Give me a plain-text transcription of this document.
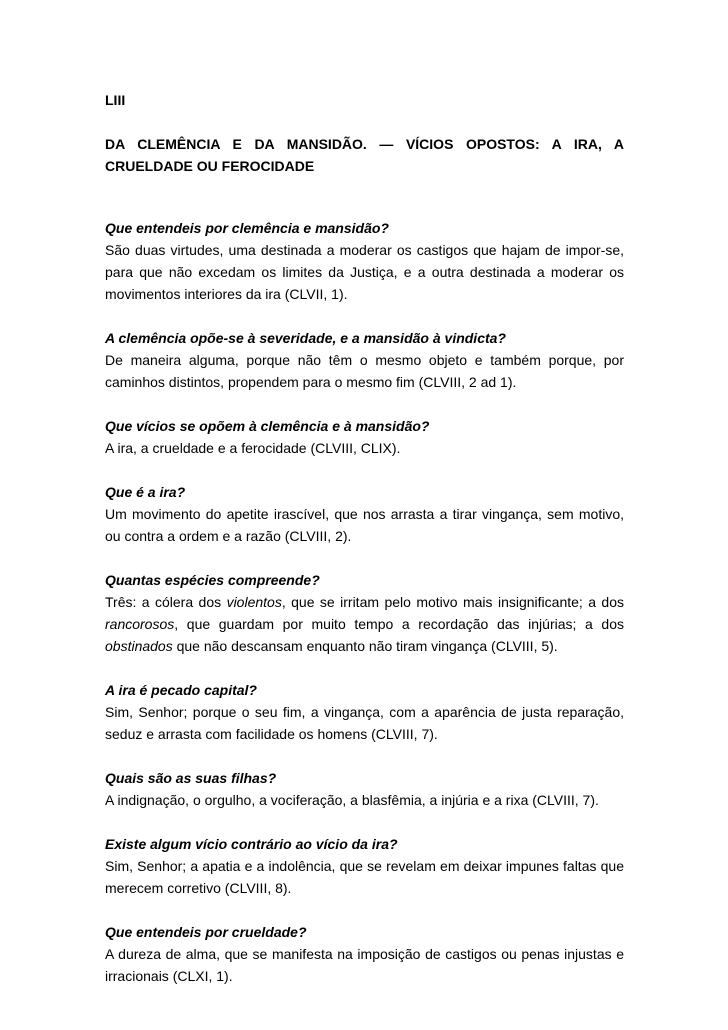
LIII

DA CLEMÊNCIA E DA MANSIDÃO. — VÍCIOS OPOSTOS: A IRA, A CRUELDADE OU FEROCIDADE

Que entendeis por clemência e mansidão?

São duas virtudes, uma destinada a moderar os castigos que hajam de impor-se, para que não excedam os limites da Justiça, e a outra destinada a moderar os movimentos interiores da ira (CLVII, 1).

A clemência opõe-se à severidade, e a mansidão à vindicta?

De maneira alguma, porque não têm o mesmo objeto e também porque, por caminhos distintos, propendem para o mesmo fim (CLVIII, 2 ad 1).

Que vícios se opõem à clemência e à mansidão?

A ira, a crueldade e a ferocidade (CLVIII, CLIX).

Que é a ira?

Um movimento do apetite irascível, que nos arrasta a tirar vingança, sem motivo, ou contra a ordem e a razão (CLVIII, 2).

Quantas espécies compreende?

Três: a cólera dos violentos, que se irritam pelo motivo mais insignificante; a dos rancorosos, que guardam por muito tempo a recordação das injúrias; a dos obstinados que não descansam enquanto não tiram vingança (CLVIII, 5).

A ira é pecado capital?

Sim, Senhor; porque o seu fim, a vingança, com a aparência de justa reparação, seduz e arrasta com facilidade os homens (CLVIII, 7).

Quais são as suas filhas?

A indignação, o orgulho, a vociferação, a blasfêmia, a injúria e a rixa (CLVIII, 7).

Existe algum vício contrário ao vício da ira?

Sim, Senhor; a apatia e a indolência, que se revelam em deixar impunes faltas que merecem corretivo (CLVIII, 8).

Que entendeis por crueldade?

A dureza de alma, que se manifesta na imposição de castigos ou penas injustas e irracionais (CLXI, 1).
